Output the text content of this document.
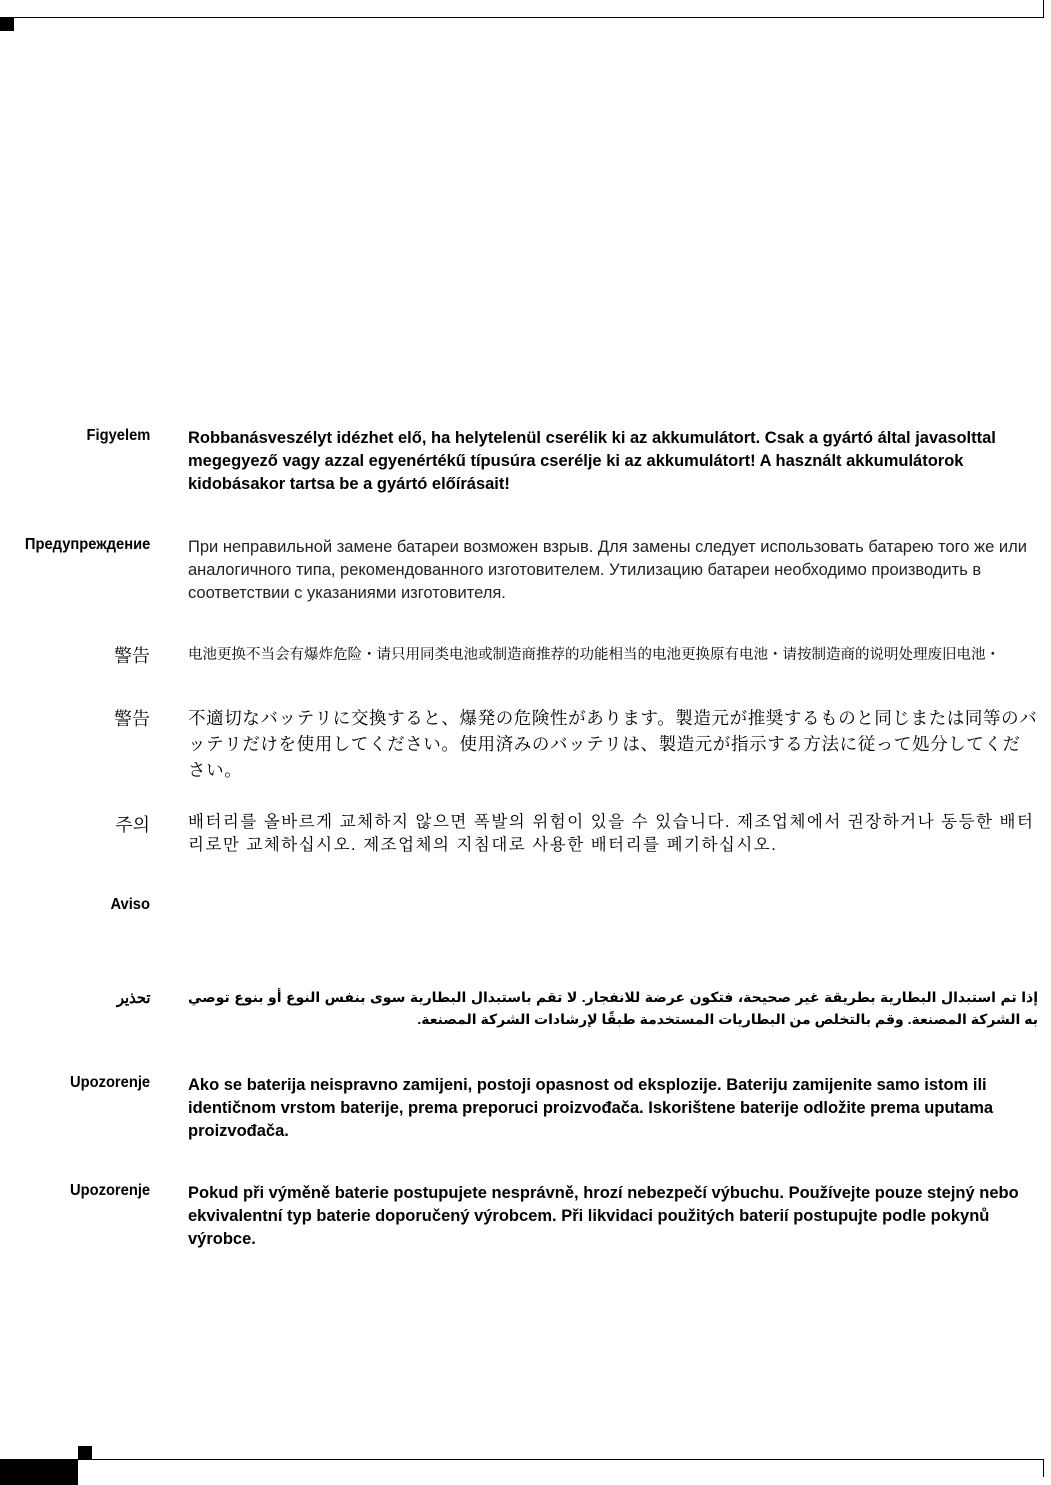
Figyelem Robbanásveszélyt idézhet elő, ha helytelenül cserélik ki az akkumulátort. Csak a gyártó által javasolttal megegyező vagy azzal egyenértékű típusúra cserélje ki az akkumulátort! A használt akkumulátorok kidobásakor tartsa be a gyártó előírásait!
Предупреждение При неправильной замене батареи возможен взрыв. Для замены следует использовать батарею того же или аналогичного типа, рекомендованного изготовителем. Утилизацию батареи необходимо производить в соответствии с указаниями изготовителя.
警告	电池更换不当会有爆炸危险・请只用同类电池或制造商推荐的功能相当的电池更换原有电池・请按制造商的说明处理废旧电池・
警告 不適切なバッテリに交換すると、爆発の危険性があります。製造元が推奨するものと同じまたは同等のバッテリだけを使用してください。使用済みのバッテリは、製造元が指示する方法に従って処分してください。
주의 배터리를 올바르게 교체하지 않으면 폭발의 위험이 있을 수 있습니다. 제조업체에서 권장하거나 동등한 배터리로만 교체하십시오. 제조업체의 지침대로 사용한 배터리를 폐기하십시오.
Aviso
تحذير	إذا تم استبدال البطارية بطريقة غير صحيحة، فتكون عرضة للانفجار. لا تقم باستبدال البطارية سوى بنفس النوع أو بنوع توصي به الشركة المصنعة. وقم بالتخلص من البطاريات المستخدمة طبقًا لإرشادات الشركة المصنعة.
Upozorenje Ako se baterija neispravno zamijeni, postoji opasnost od eksplozije. Bateriju zamijenite samo istom ili identičnom vrstom baterije, prema preporuci proizvođača. Iskorištene baterije odložite prema uputama proizvođača.
Upozorenje Pokud při výměně baterie postupujete nesprávně, hrozí nebezpečí výbuchu. Používejte pouze stejný nebo ekvivalentní typ baterie doporučený výrobcem. Při likvidaci použitých baterií postupujte podle pokynů výrobce.
